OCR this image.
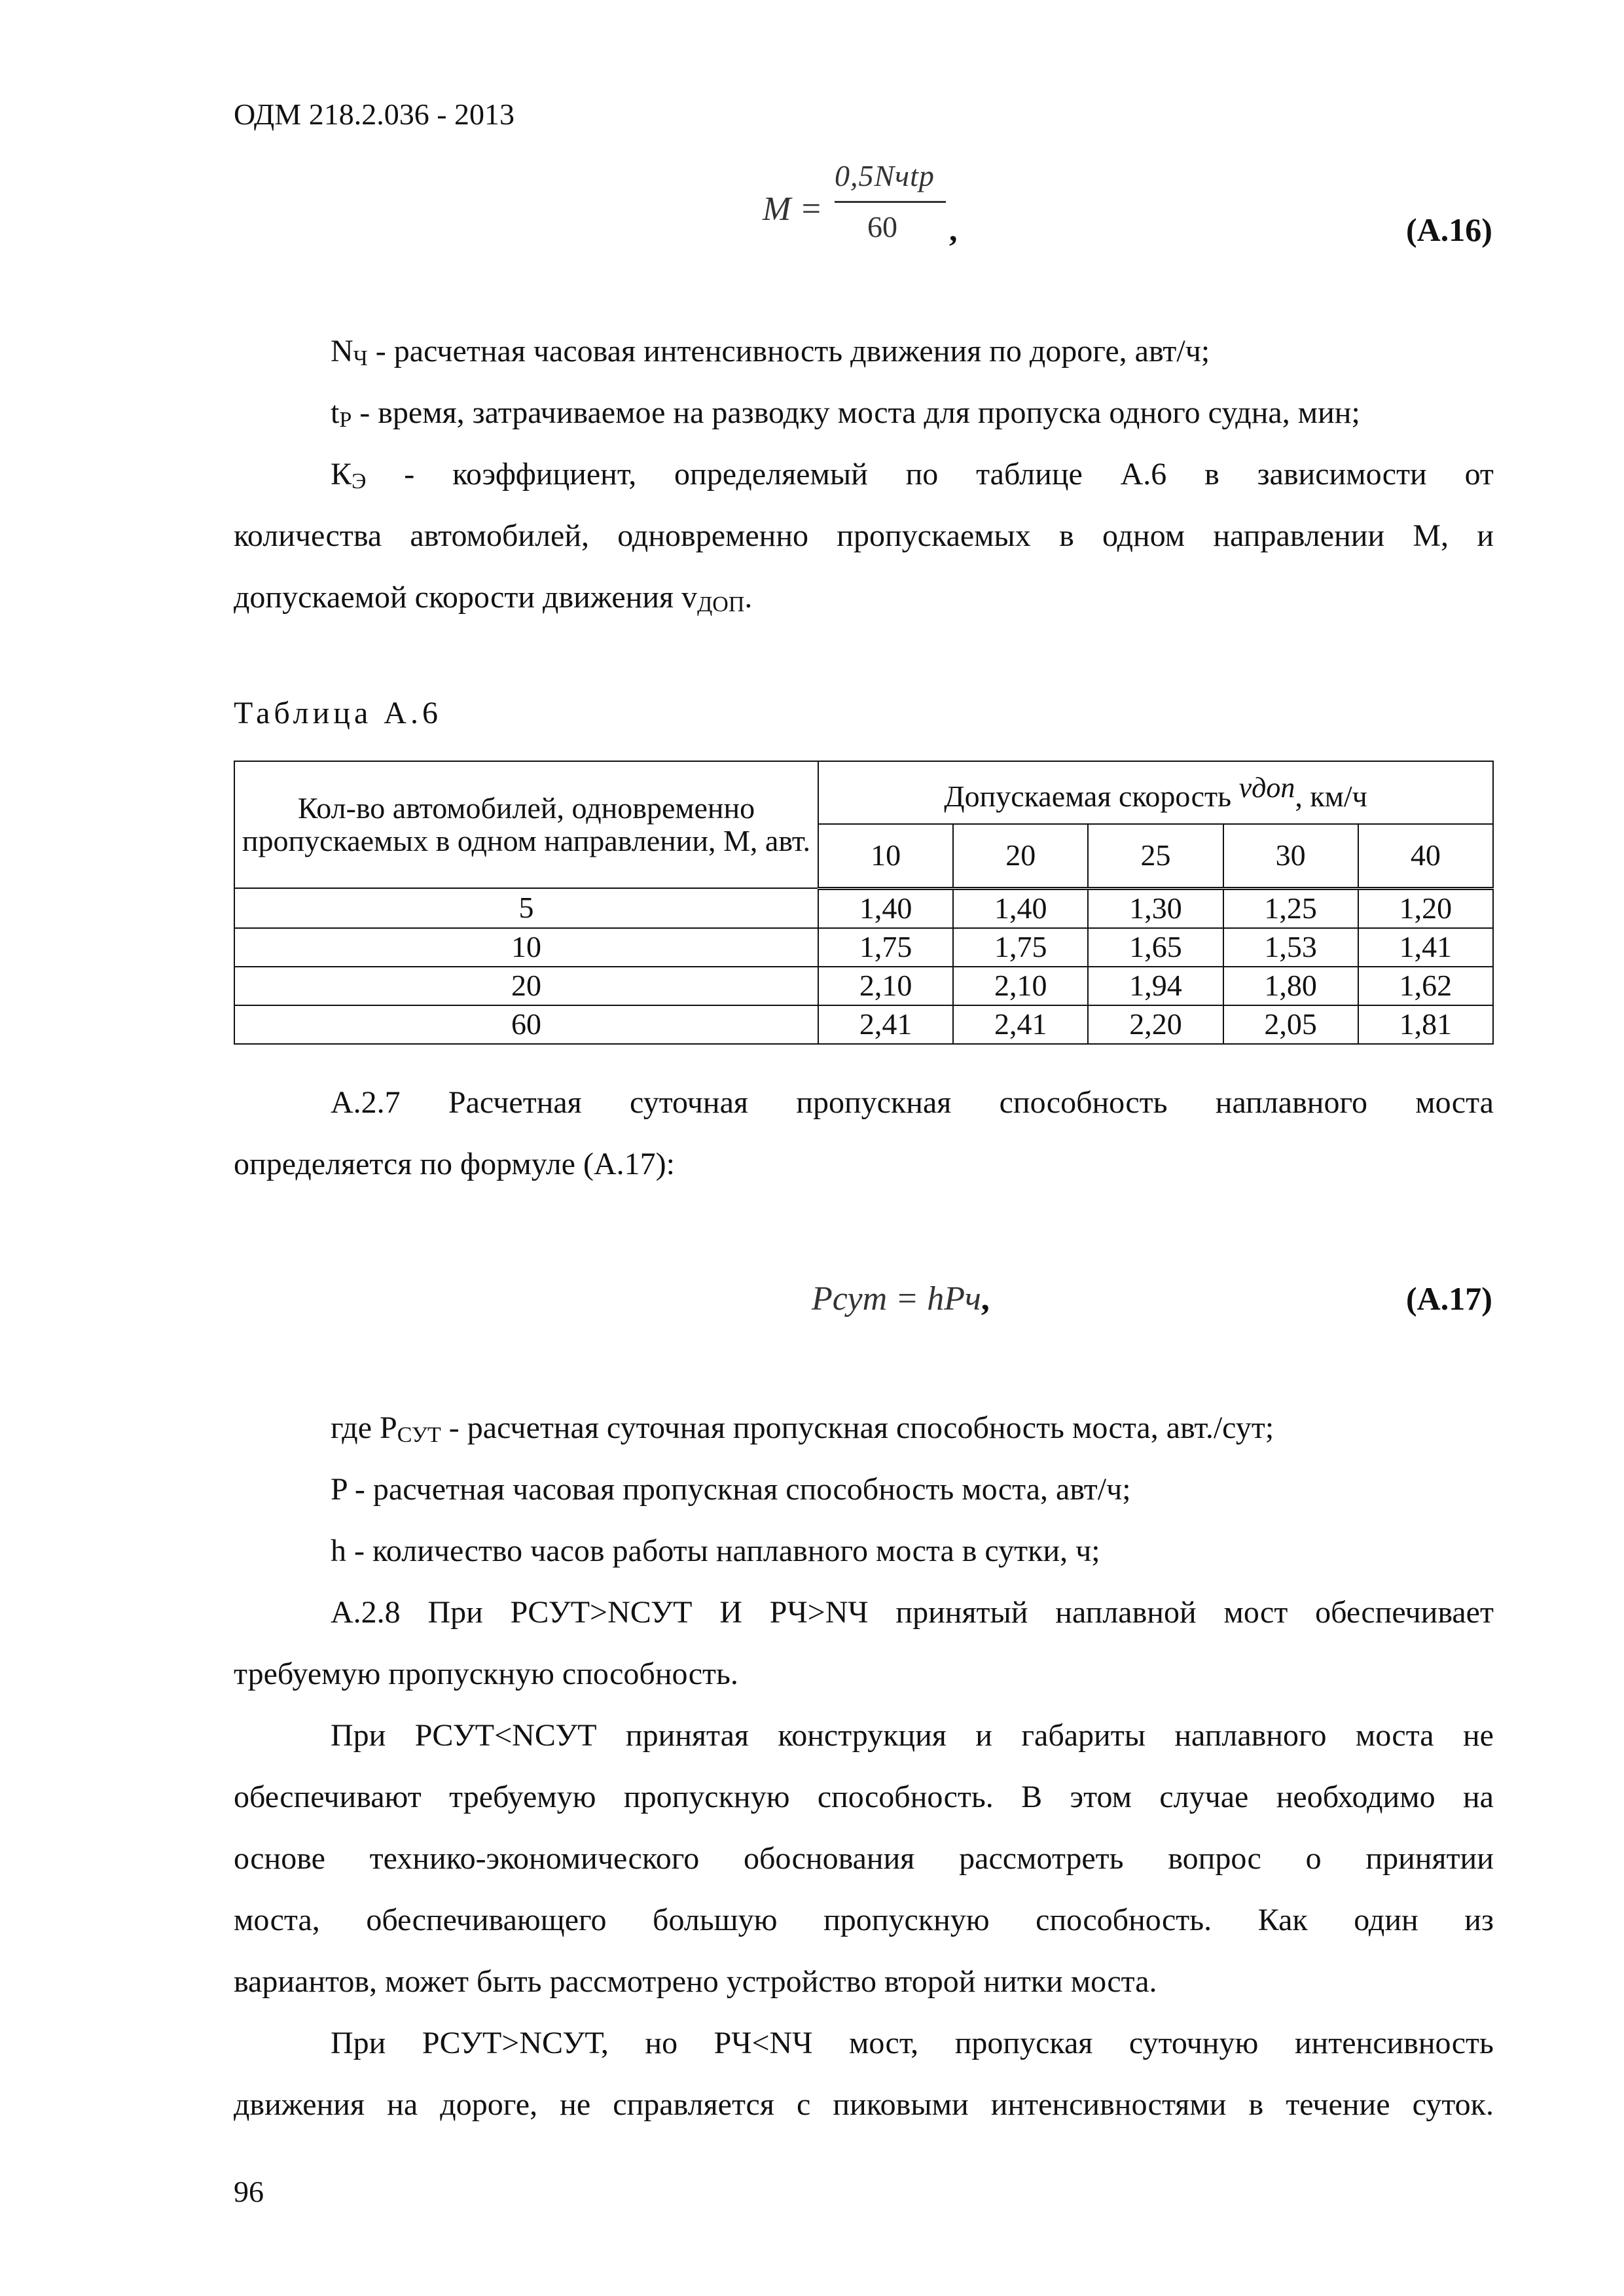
ОДМ 218.2.036 - 2013
M =
0,5Nчtр
60 ,	(А.16)
$N_Ч$ - расчетная часовая интенсивность движения по дороге, авт/ч;
$t_Р$ - время, затрачиваемое на разводку моста для пропуска одного судна, мин;
$К_Э$ - коэффициент, определяемый по таблице А.6 в зависимости от
количества автомобилей, одновременно пропускаемых в одном направлении М, и
допускаемой скорости движения $v_{ДОП}$.
Таблица А.6
Кол-во автомобилей, одновременно пропускаемых в одном направлении, М, авт.	Допускаемая скорость vдоп, км/ч				
	10	20	25	30	40
5	1,40	1,40	1,30	1,25	1,20
10	1,75	1,75	1,65	1,53	1,41
20	2,10	2,10	1,94	1,80	1,62
60	2,41	2,41	2,20	2,05	1,81
А.2.7 Расчетная суточная пропускная способность наплавного моста
определяется по формуле (А.17):
Pсут = hPч,	(А.17)
где $P_{СУТ}$ - расчетная суточная пропускная способность моста, авт./сут;
P - расчетная часовая пропускная способность моста, авт/ч;
h - количество часов работы наплавного моста в сутки, ч;
А.2.8 При PСУТ>NСУТ И PЧ>NЧ принятый наплавной мост обеспечивает
требуемую пропускную способность.
При PСУТ<NСУТ принятая конструкция и габариты наплавного моста не
обеспечивают требуемую пропускную способность. В этом случае необходимо на
основе технико-экономического обоснования рассмотреть вопрос о принятии
моста, обеспечивающего большую пропускную способность. Как один из
вариантов, может быть рассмотрено устройство второй нитки моста.
При PСУТ>NСУТ, но PЧ<NЧ мост, пропуская суточную интенсивность
движения на дороге, не справляется с пиковыми интенсивностями в течение суток.
96
